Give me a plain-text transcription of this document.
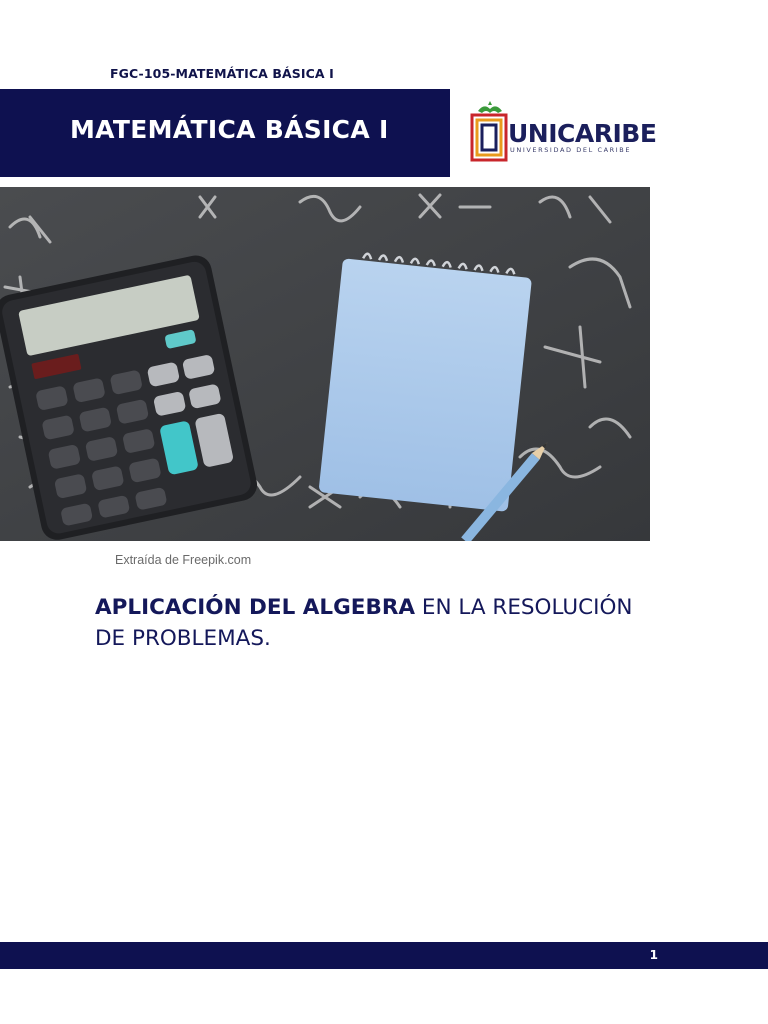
FGC-105-MATEMÁTICA BÁSICA I
MATEMÁTICA BÁSICA I	UNICARIBE
UNIVERSIDAD DEL CARIBE
Extraída de Freepik.com
APLICACIÓN DEL ALGEBRA EN LA RESOLUCIÓN DE PROBLEMAS.
1
